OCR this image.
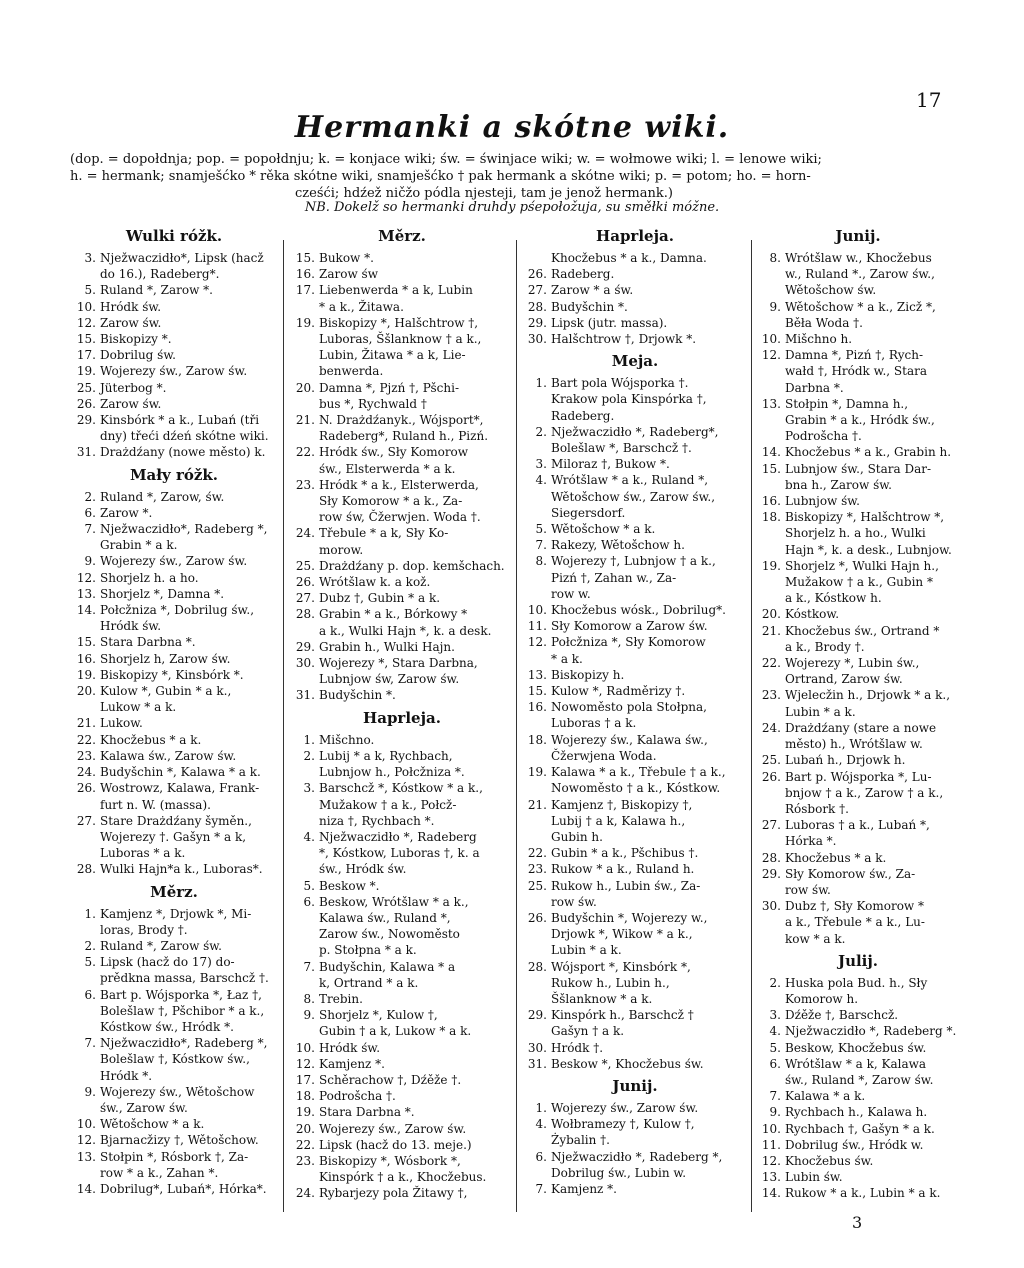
17
Hermanki a skótne wiki.
(dop. = dopołdnja; pop. = popołdnju; k. = konjace wiki; św. = świnjace wiki; w. = wołmowe wiki; l. = lenowe wiki;
h. = hermank; snamješćko * rěka skótne wiki, snamješćko † pak hermank a skótne wiki; p. = potom; ho. = horn-
cześći; hdźež ničžo pódla njesteji, tam je jenož hermank.)
NB. Dokelž so hermanki druhdy pśepołožuja, su směłki móžne.
Wulki róžk.
3. Nježwaczidło*, Lipsk (hacž
do 16.), Radeberg*.
5. Ruland *, Zarow *.
10. Hródk św.
12. Zarow św.
15. Biskopizy *.
17. Dobrilug św.
19. Wojerezy św., Zarow św.
25. Jüterbog *.
26. Zarow św.
29. Kinsbórk * a k., Lubań (tři
dny) třeći dźeń skótne wiki.
31. Drażdźany (nowe město) k.
Mały róžk.
2. Ruland *, Zarow, św.
6. Zarow *.
7. Nježwaczidło*, Radeberg *,
Grabin * a k.
9. Wojerezy św., Zarow św.
12. Shorjelz h. a ho.
13. Shorjelz *, Damna *.
14. Połcžniza *, Dobrilug św.,
Hródk św.
15. Stara Darbna *.
16. Shorjelz h, Zarow św.
19. Biskopizy *, Kinsbórk *.
20. Kulow *, Gubin * a k.,
Lukow * a k.
21. Lukow.
22. Khocžebus * a k.
23. Kalawa św., Zarow św.
24. Budyšchin *, Kalawa * a k.
26. Wostrowz, Kalawa, Frank-
furt n. W. (massa).
27. Stare Drażdźany šyměn.,
Wojerezy †. Gašyn * a k,
Luboras * a k.
28. Wulki Hajn*a k., Luboras*.
Měrz.
1. Kamjenz *, Drjowk *, Mi-
loras, Brody †.
2. Ruland *, Zarow św.
5. Lipsk (hacž do 17) do-
prědkna massa, Barschcž †.
6. Bart p. Wójsporka *, Łaz †,
Bolešlaw †, Pšchibor * a k.,
Kóstkow św., Hródk *.
7. Nježwaczidło*, Radeberg *,
Bolešlaw †, Kóstkow św.,
Hródk *.
9. Wojerezy św., Wětošchow
św., Zarow św.
10. Wětošchow * a k.
12. Bjarnacžizy †, Wětošchow.
13. Stołpin *, Rósbork †, Za-
row * a k., Zahan *.
14. Dobrilug*, Lubań*, Hórka*.
Měrz.
15. Bukow *.
16. Zarow św
17. Liebenwerda * a k, Lubin
* a k., Žitawa.
19. Biskopizy *, Halšchtrow †,
Luboras, Ššlanknow † a k.,
Lubin, Žitawa * a k, Lie-
benwerda.
20. Damna *, Pjzń †, Pšchi-
bus *, Rychwald †
21. N. Drażdźanyk., Wójsport*,
Radeberg*, Ruland h., Pizń.
22. Hródk św., Sły Komorow
św., Elsterwerda * a k.
23. Hródk * a k., Elsterwerda,
Sły Komorow * a k., Za-
row św, Čžerwjen. Woda †.
24. Třebule * a k, Sły Ko-
morow.
25. Drażdźany p. dop. kemšchach.
26. Wrótšlaw k. a kož.
27. Dubz †, Gubin * a k.
28. Grabin * a k., Bórkowy *
a k., Wulki Hajn *, k. a desk.
29. Grabin h., Wulki Hajn.
30. Wojerezy *, Stara Darbna,
Lubnjow św, Zarow św.
31. Budyšchin *.
Haprleja.
1. Mišchno.
2. Lubij * a k, Rychbach,
Lubnjow h., Połcžniza *.
3. Barschcž *, Kóstkow * a k.,
Mužakow † a k., Połcž-
niza †, Rychbach *.
4. Nježwaczidło *, Radeberg
*, Kóstkow, Luboras †, k. a
św., Hródk św.
5. Beskow *.
6. Beskow, Wrótšlaw * a k.,
Kalawa św., Ruland *,
Zarow św., Nowoměsto
p. Stołpna * a k.
7. Budyšchin, Kalawa * a
k, Ortrand * a k.
8. Trebin.
9. Shorjelz *, Kulow †,
Gubin † a k, Lukow * a k.
10. Hródk św.
12. Kamjenz *.
17. Schěrachow †, Dźěže †.
18. Podrošcha †.
19. Stara Darbna *.
20. Wojerezy św., Zarow św.
22. Lipsk (hacž do 13. meje.)
23. Biskopizy *, Wósbork *,
Kinspórk † a k., Khocžebus.
24. Rybarjezy pola Žitawy †,
Haprleja.
Khocžebus * a k., Damna.
26. Radeberg.
27. Zarow * a św.
28. Budyšchin *.
29. Lipsk (jutr. massa).
30. Halšchtrow †, Drjowk *.
Meja.
1. Bart pola Wójsporka †.
Krakow pola Kinspórka †,
Radeberg.
2. Nježwaczidło *, Radeberg*,
Bolešlaw *, Barschcž †.
3. Miloraz †, Bukow *.
4. Wrótšlaw * a k., Ruland *,
Wětošchow św., Zarow św.,
Siegersdorf.
5. Wětošchow * a k.
7. Rakezy, Wětošchow h.
8. Wojerezy †, Lubnjow † a k.,
Pizń †, Zahan w., Za-
row w.
10. Khocžebus wósk., Dobrilug*.
11. Sły Komorow a Zarow św.
12. Połcžniza *, Sły Komorow
* a k.
13. Biskopizy h.
15. Kulow *, Radměrizy †.
16. Nowoměsto pola Stołpna,
Luboras † a k.
18. Wojerezy św., Kalawa św.,
Čžerwjena Woda.
19. Kalawa * a k., Třebule † a k.,
Nowoměsto † a k., Kóstkow.
21. Kamjenz †, Biskopizy †,
Lubij † a k, Kalawa h.,
Gubin h.
22. Gubin * a k., Pšchibus †.
23. Rukow * a k., Ruland h.
25. Rukow h., Lubin św., Za-
row św.
26. Budyšchin *, Wojerezy w.,
Drjowk *, Wikow * a k.,
Lubin * a k.
28. Wójsport *, Kinsbórk *,
Rukow h., Lubin h.,
Ššlanknow * a k.
29. Kinspórk h., Barschcž †
Gašyn † a k.
30. Hródk †.
31. Beskow *, Khocžebus św.
Junij.
1. Wojerezy św., Zarow św.
4. Wołbramezy †, Kulow †,
Żybalin †.
6. Nježwaczidło *, Radeberg *,
Dobrilug św., Lubin w.
7. Kamjenz *.
Junij.
8. Wrótšlaw w., Khocžebus
w., Ruland *., Zarow św.,
Wětošchow św.
9. Wětošchow * a k., Zicž *,
Běła Woda †.
10. Mišchno h.
12. Damna *, Pizń †, Rych-
wałd †, Hródk w., Stara
Darbna *.
13. Stołpin *, Damna h.,
Grabin * a k., Hródk św.,
Podrošcha †.
14. Khocžebus * a k., Grabin h.
15. Lubnjow św., Stara Dar-
bna h., Zarow św.
16. Lubnjow św.
18. Biskopizy *, Halšchtrow *,
Shorjelz h. a ho., Wulki
Hajn *, k. a desk., Lubnjow.
19. Shorjelz *, Wulki Hajn h.,
Mužakow † a k., Gubin *
a k., Kóstkow h.
20. Kóstkow.
21. Khocžebus św., Ortrand *
a k., Brody †.
22. Wojerezy *, Lubin św.,
Ortrand, Zarow św.
23. Wjelecžin h., Drjowk * a k.,
Lubin * a k.
24. Drażdźany (stare a nowe
město) h., Wrótšlaw w.
25. Lubań h., Drjowk h.
26. Bart p. Wójsporka *, Lu-
bnjow † a k., Zarow † a k.,
Rósbork †.
27. Luboras † a k., Lubań *,
Hórka *.
28. Khocžebus * a k.
29. Sły Komorow św., Za-
row św.
30. Dubz †, Sły Komorow *
a k., Třebule * a k., Lu-
kow * a k.
Julij.
2. Huska pola Bud. h., Sły
Komorow h.
3. Dźěže †, Barschcž.
4. Nježwaczidło *, Radeberg *.
5. Beskow, Khocžebus św.
6. Wrótšlaw * a k, Kalawa
św., Ruland *, Zarow św.
7. Kalawa * a k.
9. Rychbach h., Kalawa h.
10. Rychbach †, Gašyn * a k.
11. Dobrilug św., Hródk w.
12. Khocžebus św.
13. Lubin św.
14. Rukow * a k., Lubin * a k.
3
